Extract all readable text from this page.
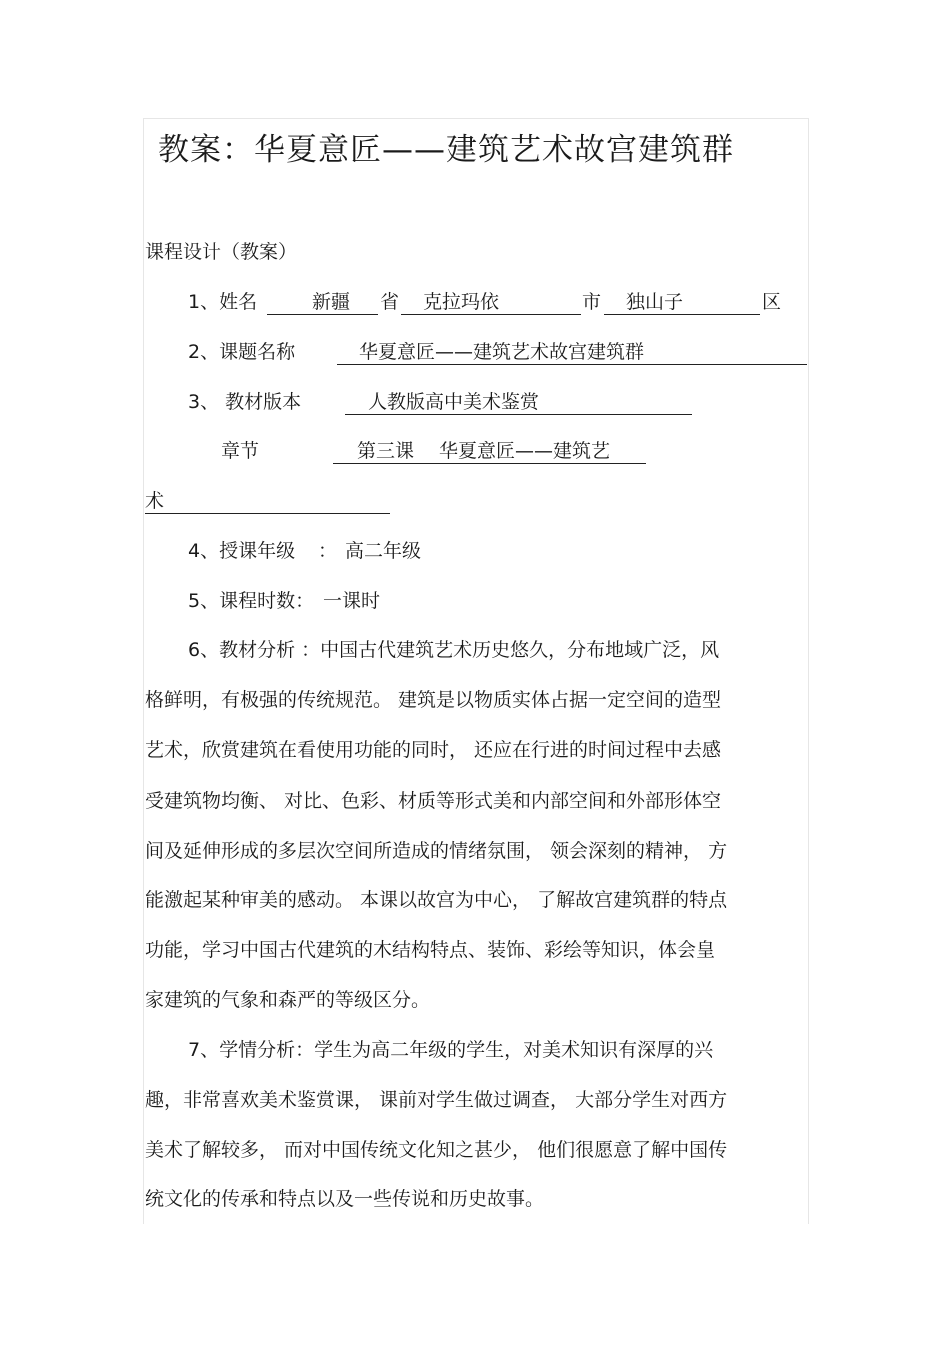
教案：华夏意匠——建筑艺术故宫建筑群
课程设计（教案）
1、姓名	新疆 省 克拉玛依	市 独山子	区
2、课题名称	华夏意匠——建筑艺术故宫建筑群
3、 教材版本	人教版高中美术鉴赏
章节	第三课　 华夏意匠——建筑艺
术
4、授课年级 ： 高二年级
5、课程时数： 一课时
6、教材分析 ：中国古代建筑艺术历史悠久，分布地域广泛，风
格鲜明，有极强的传统规范。 建筑是以物质实体占据一定空间的造型
艺术，欣赏建筑在看使用功能的同时， 还应在行进的时间过程中去感
受建筑物均衡、 对比、色彩、材质等形式美和内部空间和外部形体空
间及延伸形成的多层次空间所造成的情绪氛围， 领会深刻的精神， 方
能激起某种审美的感动。 本课以故宫为中心， 了解故宫建筑群的特点
功能，学习中国古代建筑的木结构特点、装饰、彩绘等知识，体会皇
家建筑的气象和森严的等级区分。
7、学情分析：学生为高二年级的学生，对美术知识有深厚的兴
趣，非常喜欢美术鉴赏课， 课前对学生做过调查， 大部分学生对西方
美术了解较多， 而对中国传统文化知之甚少， 他们很愿意了解中国传
统文化的传承和特点以及一些传说和历史故事。
